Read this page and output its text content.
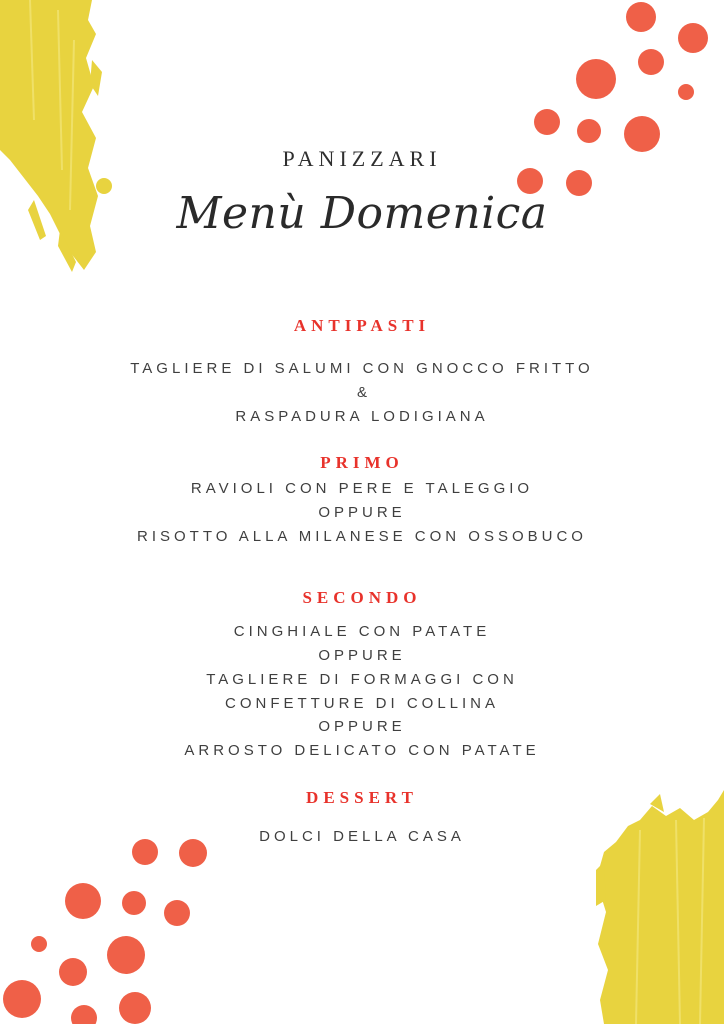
PANIZZARI
Menù Domenica
ANTIPASTI
TAGLIERE DI SALUMI CON GNOCCO FRITTO
&
RASPADURA LODIGIANA
PRIMO
RAVIOLI CON PERE E TALEGGIO
OPPURE
RISOTTO ALLA MILANESE CON OSSOBUCO
SECONDO
CINGHIALE CON PATATE
OPPURE
TAGLIERE DI FORMAGGI CON
CONFETTURE DI COLLINA
OPPURE
ARROSTO DELICATO CON PATATE
DESSERT
DOLCI DELLA CASA
